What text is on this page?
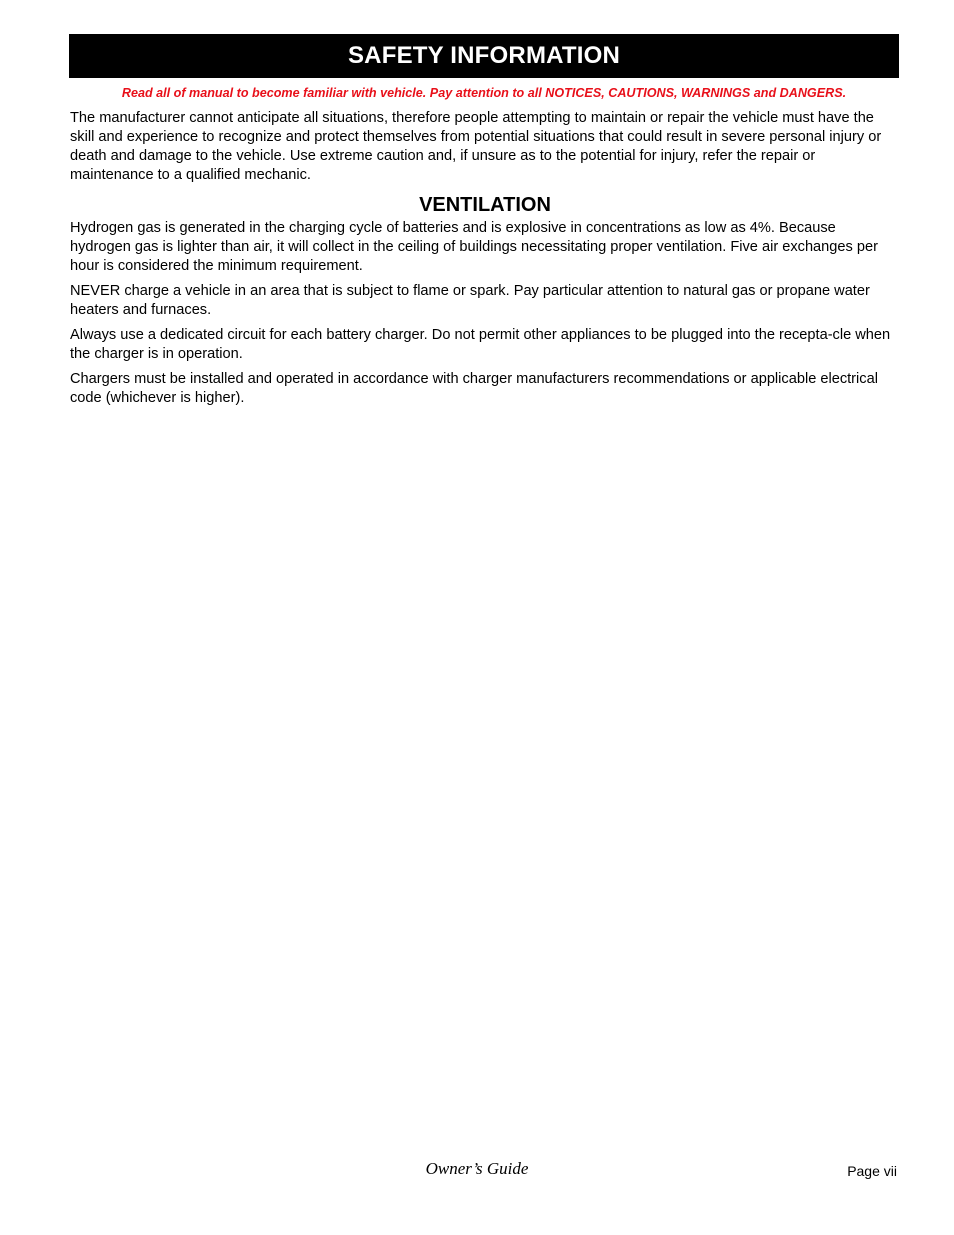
SAFETY INFORMATION
Read all of manual to become familiar with vehicle. Pay attention to all NOTICES, CAUTIONS, WARNINGS and DANGERS.

The manufacturer cannot anticipate all situations, therefore people attempting to maintain or repair the vehicle must have the skill and experience to recognize and protect themselves from potential situations that could result in severe personal injury or death and damage to the vehicle. Use extreme caution and, if unsure as to the potential for injury, refer the repair or maintenance to a qualified mechanic.

VENTILATION

Hydrogen gas is generated in the charging cycle of batteries and is explosive in concentrations as low as 4%. Because hydrogen gas is lighter than air, it will collect in the ceiling of buildings necessitating proper ventilation. Five air exchanges per hour is considered the minimum requirement.

NEVER charge a vehicle in an area that is subject to flame or spark. Pay particular attention to natural gas or propane water heaters and furnaces.

Always use a dedicated circuit for each battery charger. Do not permit other appliances to be plugged into the recepta-cle when the charger is in operation.

Chargers must be installed and operated in accordance with charger manufacturers recommendations or applicable electrical code (whichever is higher).

Owner’s Guide	Page vii
